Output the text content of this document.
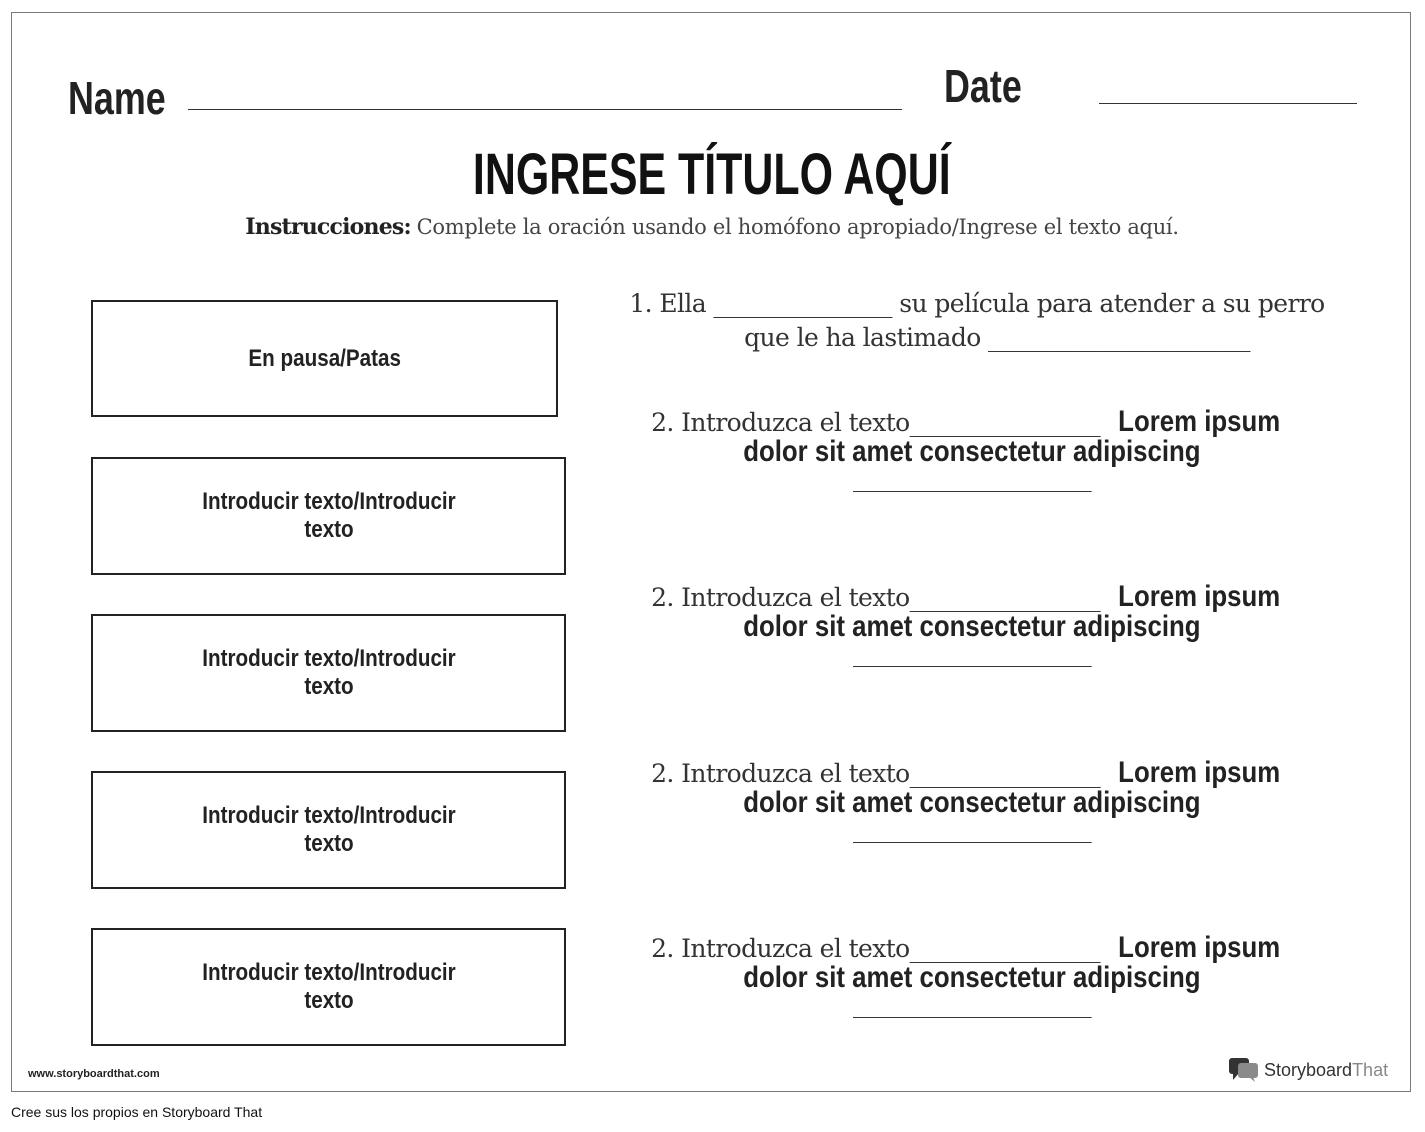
Name	Date
INGRESE TÍTULO AQUÍ
Instrucciones: Complete la oración usando el homófono apropiado/Ingrese el texto aquí.
En pausa/Patas
Introducir texto/Introducir texto
Introducir texto/Introducir texto
Introducir texto/Introducir texto
Introducir texto/Introducir texto
1. Ella _______________ su película para atender a su perro
que le ha lastimado ______________________
2. Introduzca el texto________________ Lorem ipsum
dolor sit amet consectetur adipiscing
____________________
2. Introduzca el texto________________ Lorem ipsum
dolor sit amet consectetur adipiscing
____________________
2. Introduzca el texto________________ Lorem ipsum
dolor sit amet consectetur adipiscing
____________________
2. Introduzca el texto________________ Lorem ipsum
dolor sit amet consectetur adipiscing
____________________
www.storyboardthat.com	Storyboard That
Cree sus los propios en Storyboard That
